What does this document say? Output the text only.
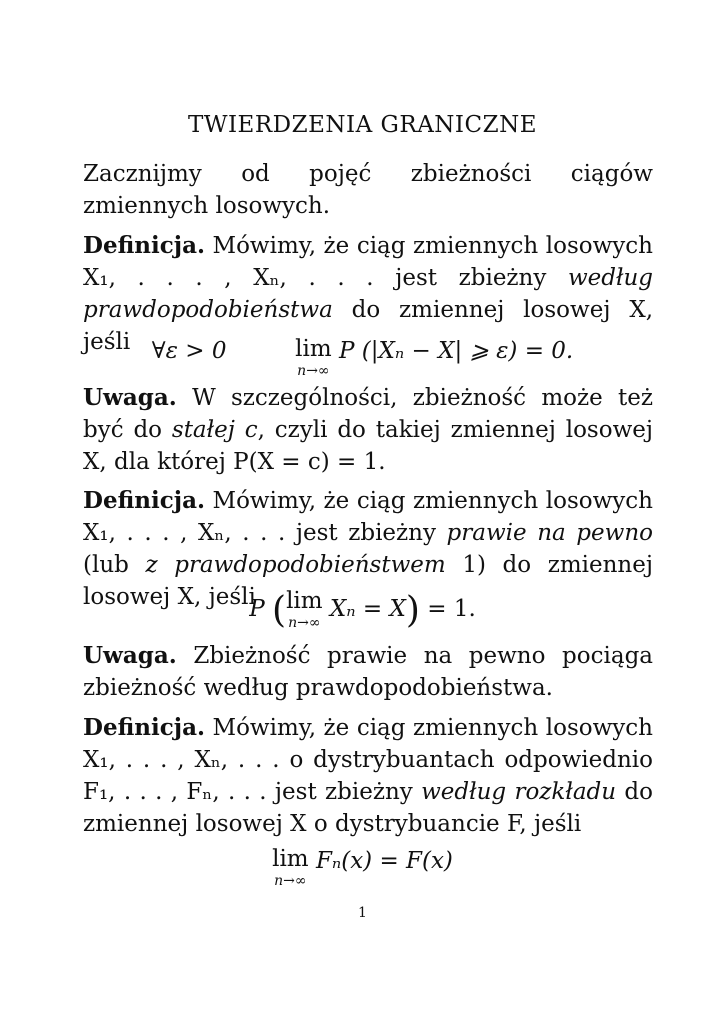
TWIERDZENIA GRANICZNE
Zacznijmy od pojęć zbieżności ciągów zmiennych losowych.
Definicja. Mówimy, że ciąg zmiennych losowych X₁, . . . , Xₙ, . . . jest zbieżny według prawdopodobieństwa do zmiennej losowej X, jeśli ∀ε > 0	lim
n→∞
P (|Xₙ − X| ⩾ ε) = 0.
Uwaga. W szczególności, zbieżność może też być do stałej c, czyli do takiej zmiennej losowej X, dla której P(X = c) = 1.
Definicja. Mówimy, że ciąg zmiennych losowych X₁, . . . , Xₙ, . . . jest zbieżny prawie na pewno (lub z prawdopodobieństwem 1) do zmiennej losowej X, jeśli
P (lim
n→∞
Xₙ = X) = 1.
Uwaga. Zbieżność prawie na pewno pociąga zbieżność według prawdopodobieństwa.
Definicja. Mówimy, że ciąg zmiennych losowych X₁, . . . , Xₙ, . . . o dystrybuantach odpowiednio F₁, . . . , Fₙ, . . . jest zbieżny według rozkładu do zmiennej losowej X o dystrybuancie F, jeśli
lim
n→∞
Fₙ(x) = F(x)
1
